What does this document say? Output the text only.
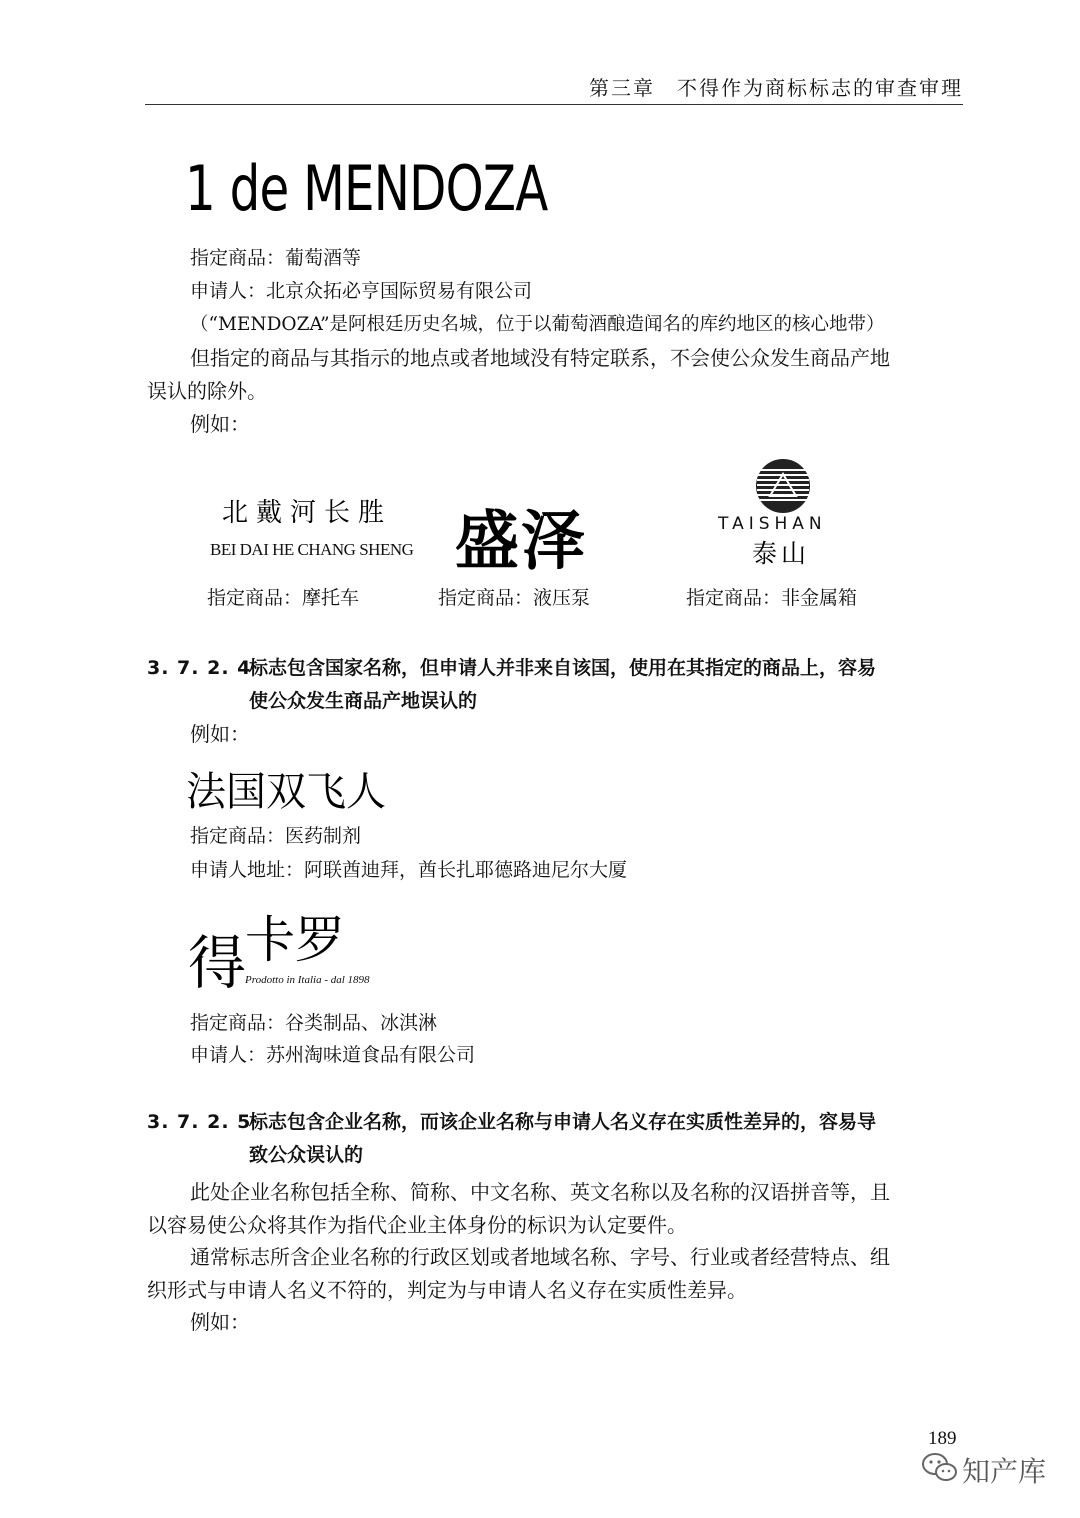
第三章　不得作为商标标志的审查审理
1 de MENDOZA
指定商品：葡萄酒等
申请人：北京众拓必亨国际贸易有限公司
（“MENDOZA”是阿根廷历史名城，位于以葡萄酒酿造闻名的库约地区的核心地带）
但指定的商品与其指示的地点或者地域没有特定联系，不会使公众发生商品产地
误认的除外。
例如：
北戴河长胜
BEI DAI HE CHANG SHENG
指定商品：摩托车
盛泽
指定商品：液压泵
TAISHAN
泰山
指定商品：非金属箱
3. 7. 2. 4
标志包含国家名称，但申请人并非来自该国，使用在其指定的商品上，容易
使公众发生商品产地误认的
例如：
法国双飞人
指定商品：医药制剂
申请人地址：阿联酋迪拜，酋长扎耶德路迪尼尔大厦
得
卡罗
Prodotto in Italia - dal 1898
指定商品：谷类制品、冰淇淋
申请人：苏州淘味道食品有限公司
3. 7. 2. 5
标志包含企业名称，而该企业名称与申请人名义存在实质性差异的，容易导
致公众误认的
此处企业名称包括全称、简称、中文名称、英文名称以及名称的汉语拼音等，且
以容易使公众将其作为指代企业主体身份的标识为认定要件。
通常标志所含企业名称的行政区划或者地域名称、字号、行业或者经营特点、组
织形式与申请人名义不符的，判定为与申请人名义存在实质性差异。
例如：
189
知产库
